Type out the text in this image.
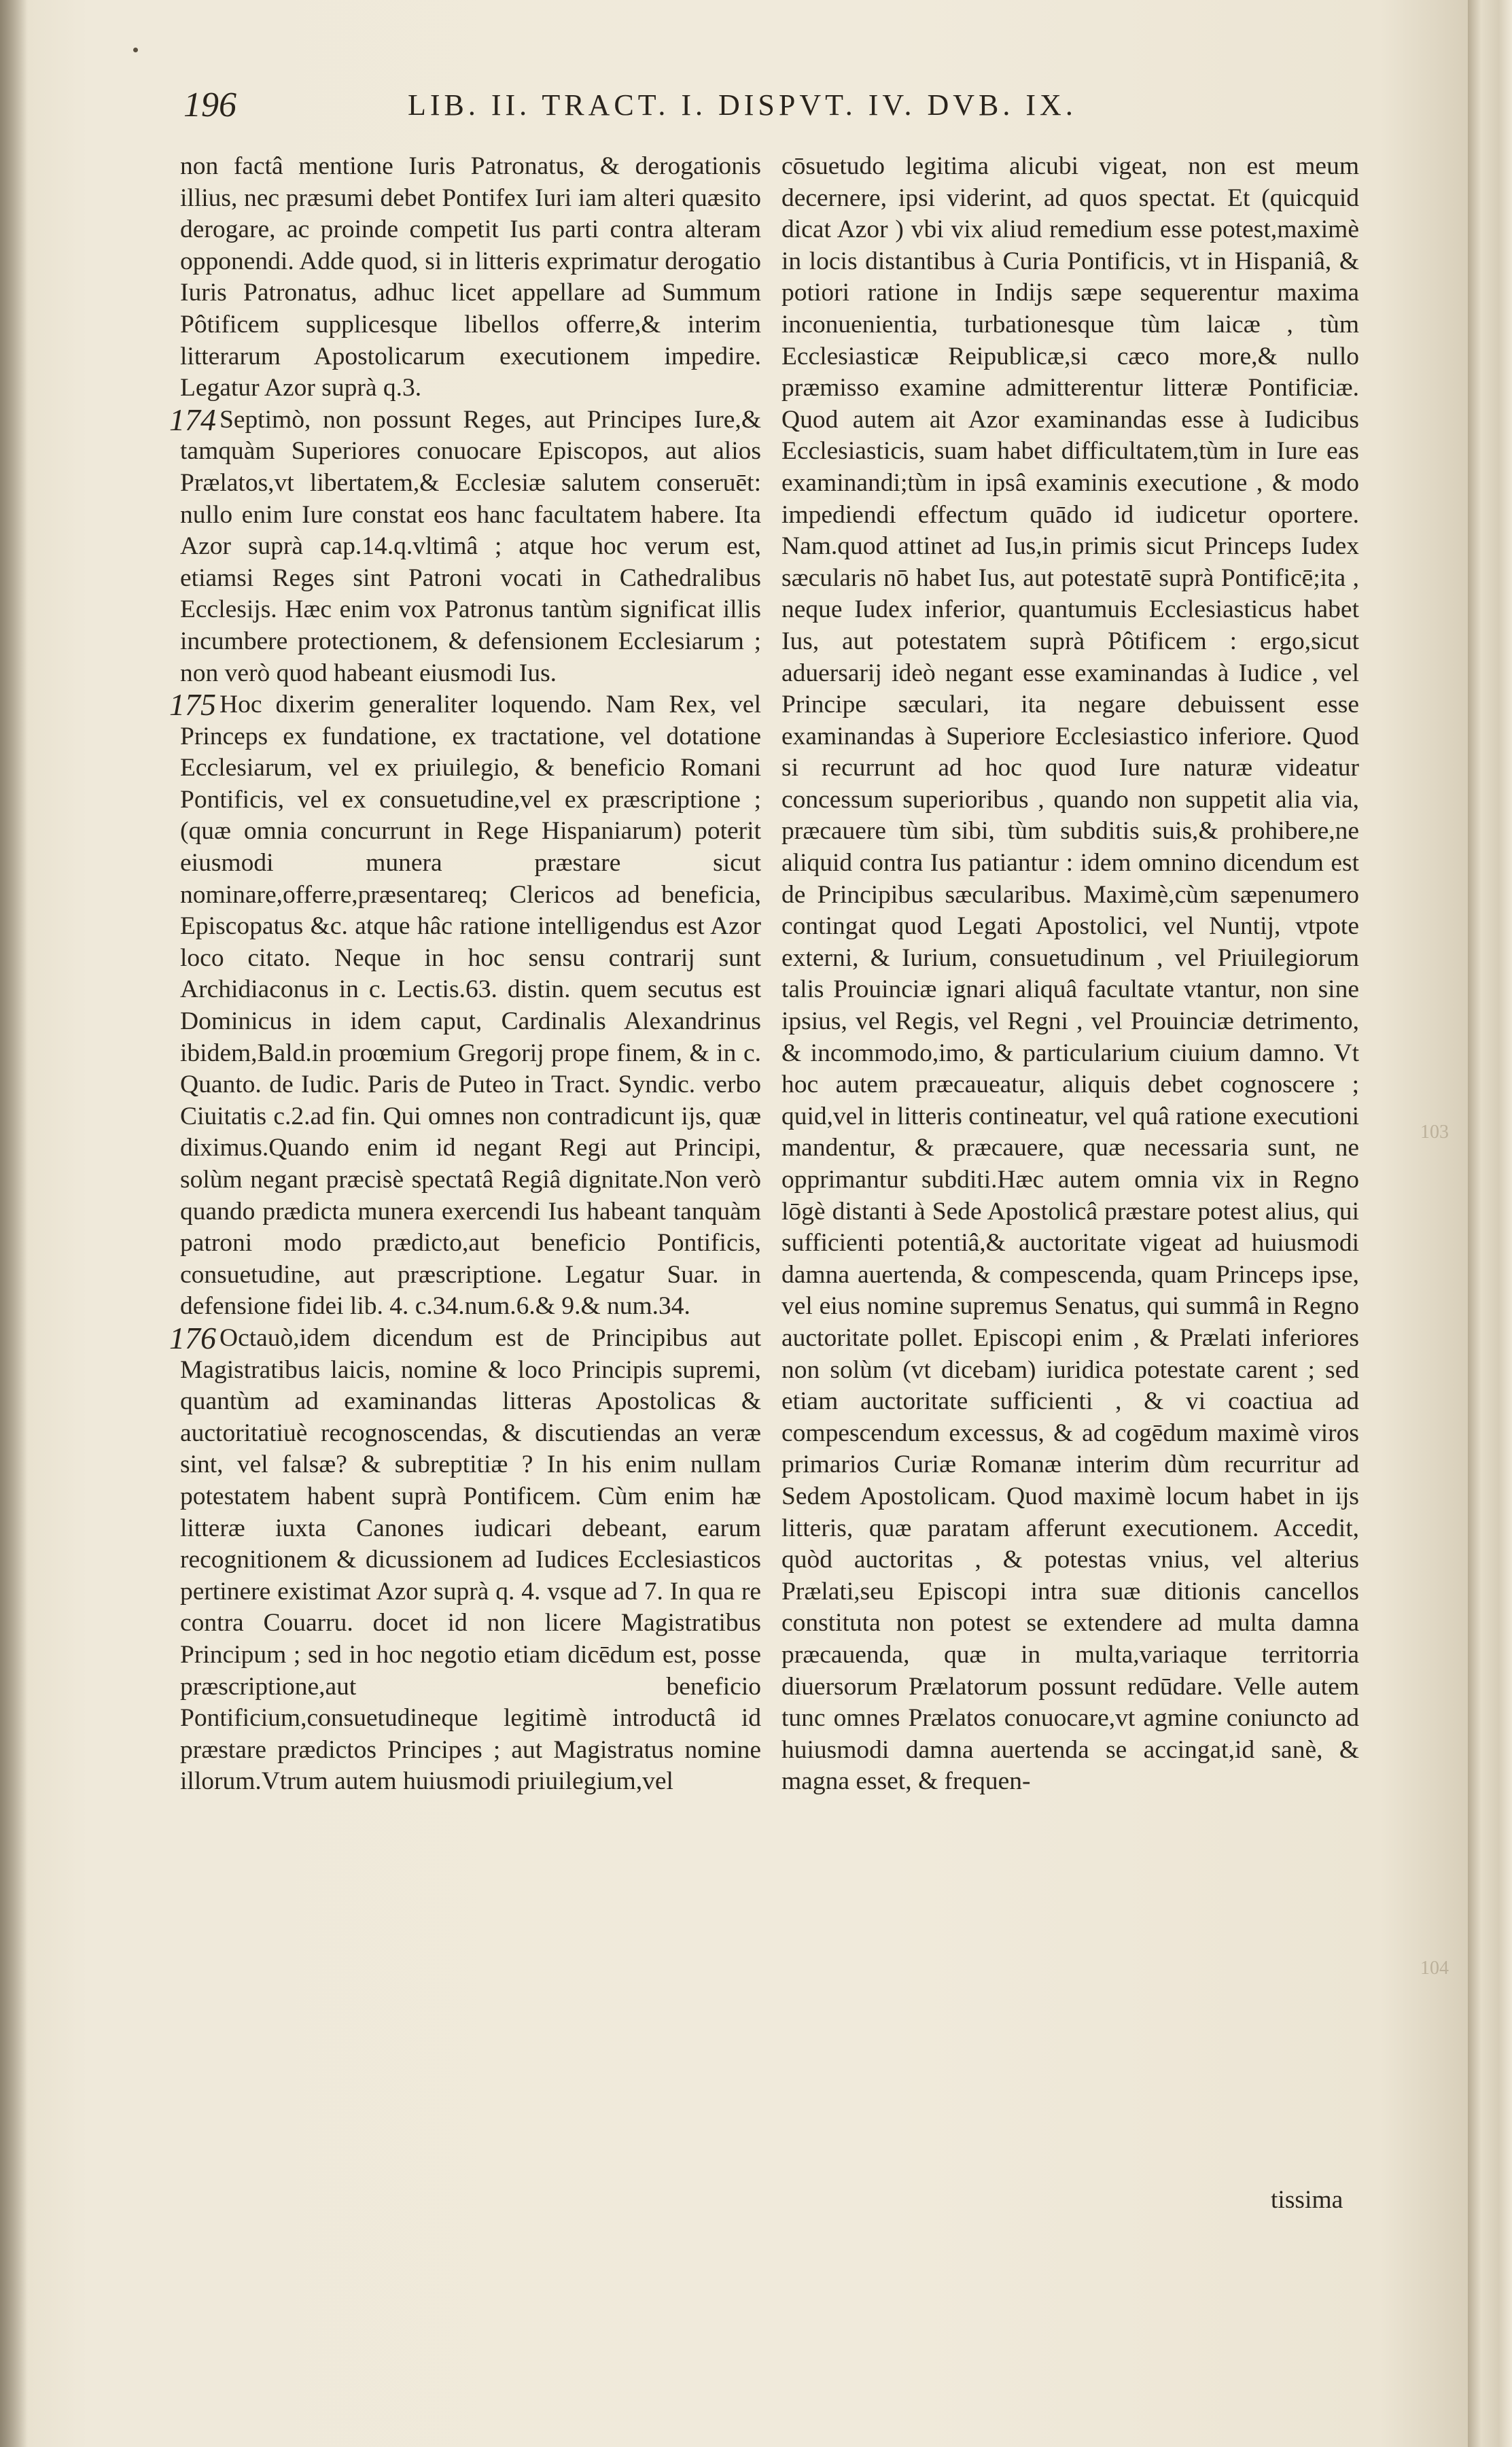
196	LIB. II. TRACT. I. DISPVT. IV. DVB. IX.

non factâ mentione Iuris Patronatus, & derogationis illius, nec præsumi debet Pontifex Iuri iam alteri quæsito derogare, ac proinde competit Ius parti contra alteram opponendi. Adde quod, si in litteris exprimatur derogatio Iuris Patronatus, adhuc licet appellare ad Summum Pôtificem supplicesque libellos offerre,& interim litterarum Apostolicarum executionem impedire. Legatur Azor suprà q.3.

174 Septimò, non possunt Reges, aut Principes Iure,& tamquàm Superiores conuocare Episcopos, aut alios Prælatos,vt libertatem,& Ecclesiæ salutem conseruēt: nullo enim Iure constat eos hanc facultatem habere. Ita Azor suprà cap.14.q.vltimâ ; atque hoc verum est, etiamsi Reges sint Patroni vocati in Cathedralibus Ecclesijs. Hæc enim vox Patronus tantùm significat illis incumbere protectionem, & defensionem Ecclesiarum ; non verò quod habeant eiusmodi Ius.

175 Hoc dixerim generaliter loquendo. Nam Rex, vel Princeps ex fundatione, ex tractatione, vel dotatione Ecclesiarum, vel ex priuilegio, & beneficio Romani Pontificis, vel ex consuetudine,vel ex præscriptione ; (quæ omnia concurrunt in Rege Hispaniarum) poterit eiusmodi munera præstare sicut nominare,offerre,præsentareq; Clericos ad beneficia, Episcopatus &c. atque hâc ratione intelligendus est Azor loco citato. Neque in hoc sensu contrarij sunt Archidiaconus in c. Lectis.63. distin. quem secutus est Dominicus in idem caput, Cardinalis Alexandrinus ibidem,Bald.in proœmium Gregorij prope finem, & in c. Quanto. de Iudic. Paris de Puteo in Tract. Syndic. verbo Ciuitatis c.2.ad fin. Qui omnes non contradicunt ijs, quæ diximus.Quando enim id negant Regi aut Principi, solùm negant præcisè spectatâ Regiâ dignitate.Non verò quando prædicta munera exercendi Ius habeant tanquàm patroni modo prædicto,aut beneficio Pontificis, consuetudine, aut præscriptione. Legatur Suar. in defensione fidei lib. 4. c.34.num.6.& 9.& num.34.

176 Octauò,idem dicendum est de Principibus aut Magistratibus laicis, nomine & loco Principis supremi, quantùm ad examinandas litteras Apostolicas & auctoritatiuè recognoscendas, & discutiendas an veræ sint, vel falsæ? & subreptitiæ ? In his enim nullam potestatem habent suprà Pontificem. Cùm enim hæ litteræ iuxta Canones iudicari debeant, earum recognitionem & dicussionem ad Iudices Ecclesiasticos pertinere existimat Azor suprà q. 4. vsque ad 7. In qua re contra Couarru. docet id non licere Magistratibus Principum ; sed in hoc negotio etiam dicēdum est, posse præscriptione,aut beneficio Pontificium,consuetudineque legitimè introductâ id præstare prædictos Principes ; aut Magistratus nomine illorum.Vtrum autem huiusmodi priuilegium,vel

cōsuetudo legitima alicubi vigeat, non est meum decernere, ipsi viderint, ad quos spectat. Et (quicquid dicat Azor ) vbi vix aliud remedium esse potest,maximè in locis distantibus à Curia Pontificis, vt in Hispaniâ, & potiori ratione in Indijs sæpe sequerentur maxima inconuenientia, turbationesque tùm laicæ , tùm Ecclesiasticæ Reipublicæ,si cæco more,& nullo præmisso examine admitterentur litteræ Pontificiæ. Quod autem ait Azor examinandas esse à Iudicibus Ecclesiasticis, suam habet difficultatem,tùm in Iure eas examinandi;tùm in ipsâ examinis executione , & modo impediendi effectum quādo id iudicetur oportere. Nam.quod attinet ad Ius,in primis sicut Princeps Iudex sæcularis nō habet Ius, aut potestatē suprà Pontificē;ita , neque Iudex inferior, quantumuis Ecclesiasticus habet Ius, aut potestatem suprà Pôtificem : ergo,sicut aduersarij ideò negant esse examinandas à Iudice , vel Principe sæculari, ita negare debuissent esse examinandas à Superiore Ecclesiastico inferiore. Quod si recurrunt ad hoc quod Iure naturæ videatur concessum superioribus , quando non suppetit alia via, præcauere tùm sibi, tùm subditis suis,& prohibere,ne aliquid contra Ius patiantur : idem omnino dicendum est de Principibus sæcularibus. Maximè,cùm sæpenumero contingat quod Legati Apostolici, vel Nuntij, vtpote externi, & Iurium, consuetudinum , vel Priuilegiorum talis Prouinciæ ignari aliquâ facultate vtantur, non sine ipsius, vel Regis, vel Regni , vel Prouinciæ detrimento, & incommodo,imo, & particularium ciuium damno. Vt hoc autem præcaueatur, aliquis debet cognoscere ; quid,vel in litteris contineatur, vel quâ ratione executioni mandentur, & præcauere, quæ necessaria sunt, ne opprimantur subditi.Hæc autem omnia vix in Regno lōgè distanti à Sede Apostolicâ præstare potest alius, qui sufficienti potentiâ,& auctoritate vigeat ad huiusmodi damna auertenda, & compescenda, quam Princeps ipse, vel eius nomine supremus Senatus, qui summâ in Regno auctoritate pollet. Episcopi enim , & Prælati inferiores non solùm (vt dicebam) iuridica potestate carent ; sed etiam auctoritate sufficienti , & vi coactiua ad compescendum excessus, & ad cogēdum maximè viros primarios Curiæ Romanæ interim dùm recurritur ad Sedem Apostolicam. Quod maximè locum habet in ijs litteris, quæ paratam afferunt executionem. Accedit, quòd auctoritas , & potestas vnius, vel alterius Prælati,seu Episcopi intra suæ ditionis cancellos constituta non potest se extendere ad multa damna præcauenda, quæ in multa,variaque territorria diuersorum Prælatorum possunt redūdare. Velle autem tunc omnes Prælatos conuocare,vt agmine coniuncto ad huiusmodi damna auertenda se accingat,id sanè, & magna esset, & frequen-

tissima
103
104
